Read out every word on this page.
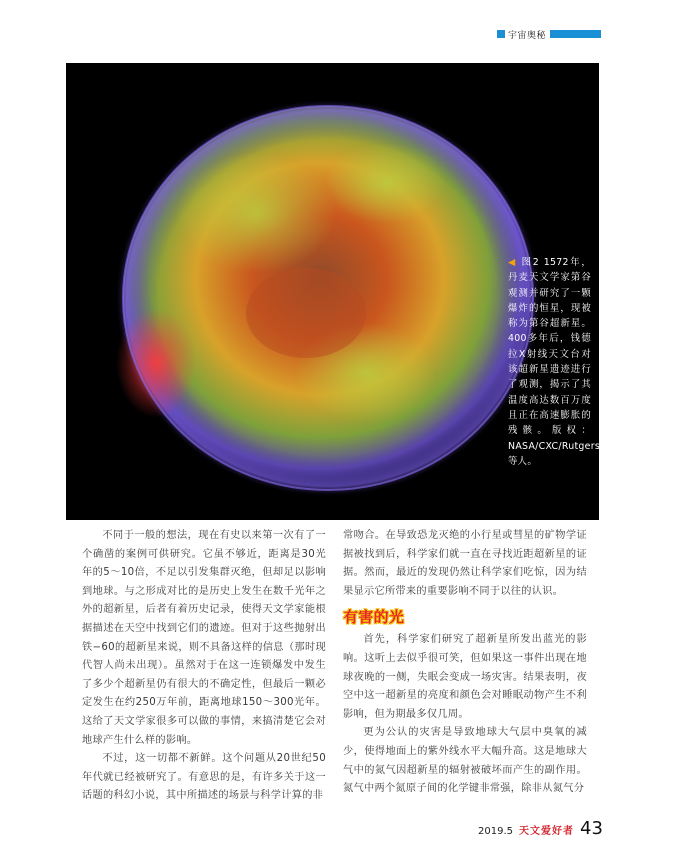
宇宙奥秘
◀ 图2 1572年，丹麦天文学家第谷观测并研究了一颗爆炸的恒星，现被称为第谷超新星。400多年后，钱德拉X射线天文台对该超新星遗迹进行了观测，揭示了其温度高达数百万度且正在高速膨胀的残骸。版权：NASA/CXC/Rutgers/J.Warren/J.Hughes等人。

不同于一般的想法，现在有史以来第一次有了一个确凿的案例可供研究。它虽不够近，距离是30光年的5～10倍，不足以引发集群灭绝，但却足以影响到地球。与之形成对比的是历史上发生在数千光年之外的超新星，后者有着历史记录，使得天文学家能根据描述在天空中找到它们的遗迹。但对于这些抛射出铁−60的超新星来说，则不具备这样的信息（那时现代智人尚未出现）。虽然对于在这一连锁爆发中发生了多少个超新星仍有很大的不确定性，但最后一颗必定发生在约250万年前，距离地球150～300光年。这给了天文学家很多可以做的事情，来搞清楚它会对地球产生什么样的影响。

不过，这一切都不新鲜。这个问题从20世纪50年代就已经被研究了。有意思的是，有许多关于这一话题的科幻小说，其中所描述的场景与科学计算的非

常吻合。在导致恐龙灭绝的小行星或彗星的矿物学证据被找到后，科学家们就一直在寻找近距超新星的证据。然而，最近的发现仍然让科学家们吃惊，因为结果显示它所带来的重要影响不同于以往的认识。

有害的光

首先，科学家们研究了超新星所发出蓝光的影响。这听上去似乎很可笑，但如果这一事件出现在地球夜晚的一侧，失眠会变成一场灾害。结果表明，夜空中这一超新星的亮度和颜色会对睡眠动物产生不利影响，但为期最多仅几周。

更为公认的灾害是导致地球大气层中臭氧的减少，使得地面上的紫外线水平大幅升高。这是地球大气中的氮气因超新星的辐射被破坏而产生的副作用。氮气中两个氮原子间的化学键非常强，除非从氮气分

2019.5 天文爱好者 43
